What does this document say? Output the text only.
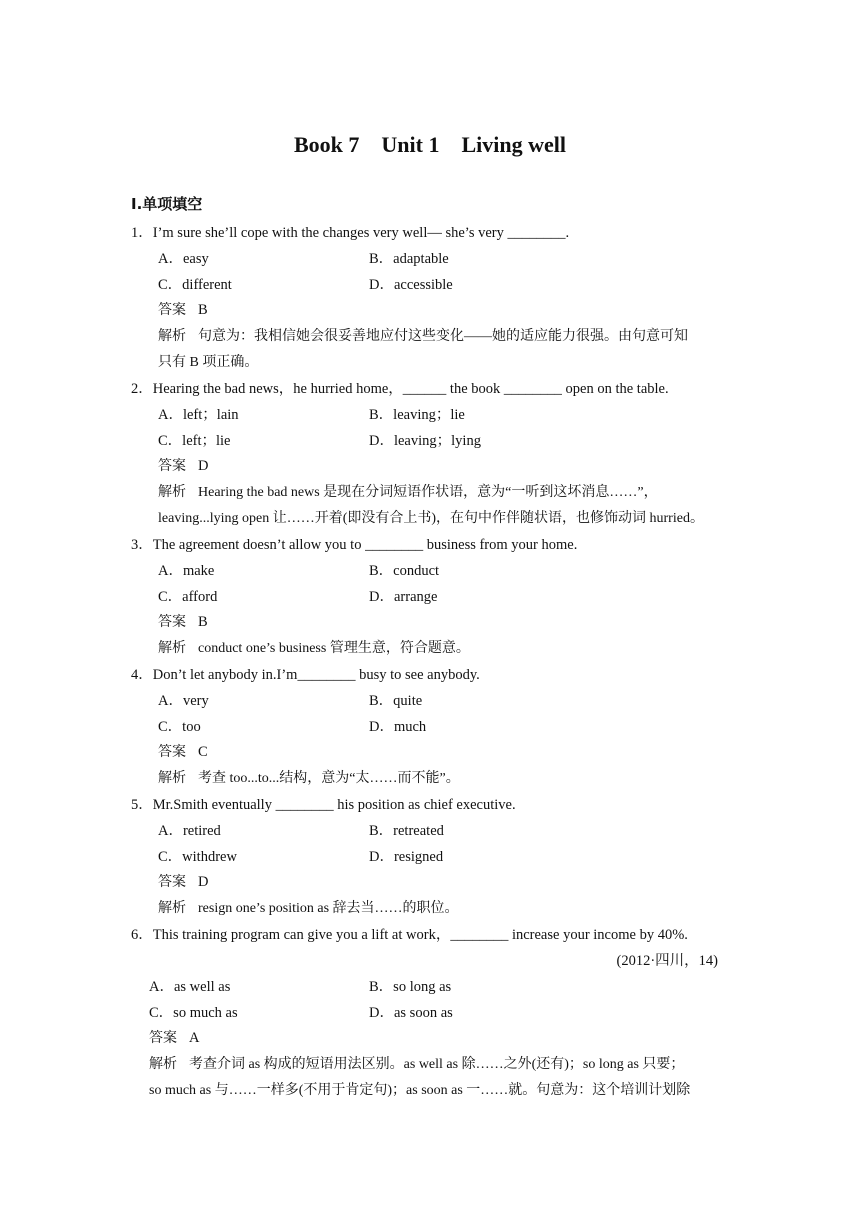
Book 7    Unit 1    Living well
Ⅰ.单项填空
1．I’m sure she’ll cope with the changes very well— she’s very ________.
A．easy	B．adaptable
C．different	D．accessible
答案 B
解析 句意为：我相信她会很妥善地应付这些变化——她的适应能力很强。由句意可知
只有 B 项正确。
2．Hearing the bad news，he hurried home，______ the book ________ open on the table.
A．left；lain	B．leaving；lie
C．left；lie	D．leaving；lying
答案 D
解析 Hearing the bad news 是现在分词短语作状语，意为“一听到这坏消息……”，
leaving...lying open 让……开着(即没有合上书)，在句中作伴随状语，也修饰动词 hurried。
3．The agreement doesn’t allow you to ________ business from your home.
A．make	B．conduct
C．afford	D．arrange
答案 B
解析 conduct one’s business 管理生意，符合题意。
4．Don’t let anybody in.I’m________ busy to see anybody.
A．very	B．quite
C．too	D．much
答案 C
解析 考查 too...to...结构，意为“太……而不能”。
5．Mr.Smith eventually ________ his position as chief executive.
A．retired	B．retreated
C．withdrew	D．resigned
答案 D
解析 resign one’s position as 辞去当……的职位。
6．This training program can give you a lift at work，________ increase your income by 40%.
(2012·四川，14)
A．as well as	B．so long as
C．so much as	D．as soon as
答案 A
解析 考查介词 as 构成的短语用法区别。as well as 除……之外(还有)；so long as 只要；
so much as 与……一样多(不用于肯定句)；as soon as 一……就。句意为：这个培训计划除
